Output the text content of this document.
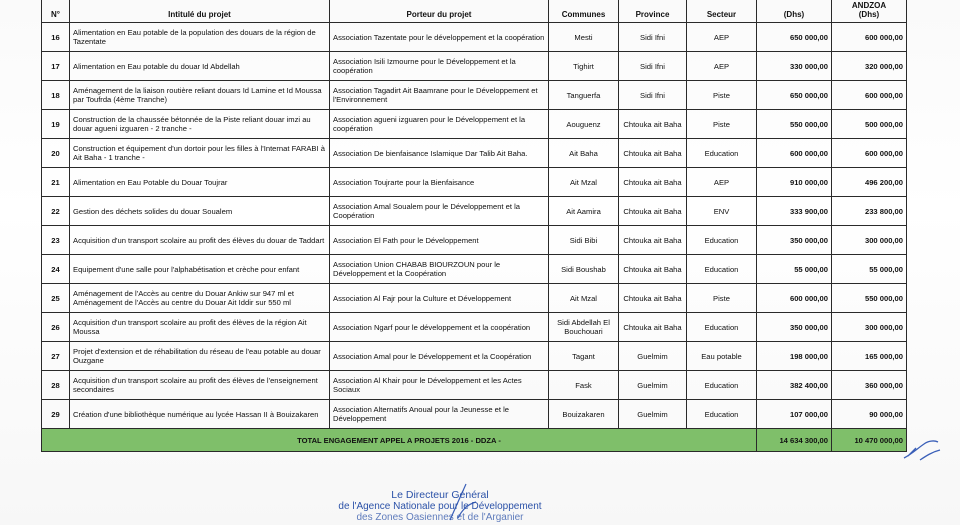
N°	Intitulé du projet	Porteur du projet	Communes	Province	Secteur	(Dhs)	ANDZOA
(Dhs)

16	Alimentation en Eau potable de la population des douars de la région de Tazentate	Association Tazentate pour le développement et la coopération	Mesti	Sidi Ifni	AEP	650 000,00	600 000,00
17	Alimentation en Eau potable du douar Id Abdellah	Association Isili Izmourne pour le Développement et la coopération	Tighirt	Sidi Ifni	AEP	330 000,00	320 000,00
18	Aménagement de la liaison routière reliant douars Id Lamine et Id Moussa par Toufrda (4ème Tranche)	Association Tagadirt Ait Baamrane pour le Développement et l'Environnement	Tanguerfa	Sidi Ifni	Piste	650 000,00	600 000,00
19	Construction de la chaussée bétonnée de la Piste reliant douar imzi au douar agueni izguaren - 2 tranche -	Association agueni izguaren pour le Développement et la coopération	Aouguenz	Chtouka ait Baha	Piste	550 000,00	500 000,00
20	Construction et équipement d'un dortoir pour les filles à l'Internat FARABI à Ait Baha - 1 tranche -	Association De bienfaisance Islamique Dar Talib Ait Baha.	Ait Baha	Chtouka ait Baha	Education	600 000,00	600 000,00
21	Alimentation en Eau Potable du Douar Toujrar	Association Toujrarte pour la Bienfaisance	Ait Mzal	Chtouka ait Baha	AEP	910 000,00	496 200,00
22	Gestion des déchets solides du douar Soualem	Association Amal Soualem pour le Développement et la Coopération	Ait Aamira	Chtouka ait Baha	ENV	333 900,00	233 800,00
23	Acquisition d'un transport scolaire au profit des élèves du douar de Taddart	Association El Fath pour le Développement	Sidi Bibi	Chtouka ait Baha	Education	350 000,00	300 000,00
24	Equipement d'une salle pour l'alphabétisation et crèche pour enfant	Association Union CHABAB BIOURZOUN pour le Développement et la Coopération	Sidi Boushab	Chtouka ait Baha	Education	55 000,00	55 000,00
25	Aménagement de l'Accès au centre du Douar Ankiw sur 947 ml et Aménagement de l'Accès au centre du Douar Ait Iddir sur 550 ml	Association Al Fajr pour la Culture et Développement	Ait Mzal	Chtouka ait Baha	Piste	600 000,00	550 000,00
26	Acquisition d'un transport scolaire au profit des élèves de la région Ait Moussa	Association Ngarf pour le développement et la coopération	Sidi Abdellah El Bouchouari	Chtouka ait Baha	Education	350 000,00	300 000,00
27	Projet d'extension et de réhabilitation du réseau de l'eau potable au douar Ouzgane	Association Amal pour le Développement et la Coopération	Tagant	Guelmim	Eau potable	198 000,00	165 000,00
28	Acquisition d'un transport scolaire au profit des élèves de l'enseignement secondaires	Association Al Khair pour le Développement et les Actes Sociaux	Fask	Guelmim	Education	382 400,00	360 000,00
29	Création d'une bibliothèque numérique au lycée Hassan II à Bouizakaren	Association Alternatifs Anoual pour la Jeunesse et le Développement	Bouizakaren	Guelmim	Education	107 000,00	90 000,00
TOTAL ENGAGEMENT APPEL A PROJETS 2016 - DDZA -						14 634 300,00	10 470 000,00
Le Directeur Général
de l'Agence Nationale pour le Développement
des Zones Oasiennes et de l'Arganier
